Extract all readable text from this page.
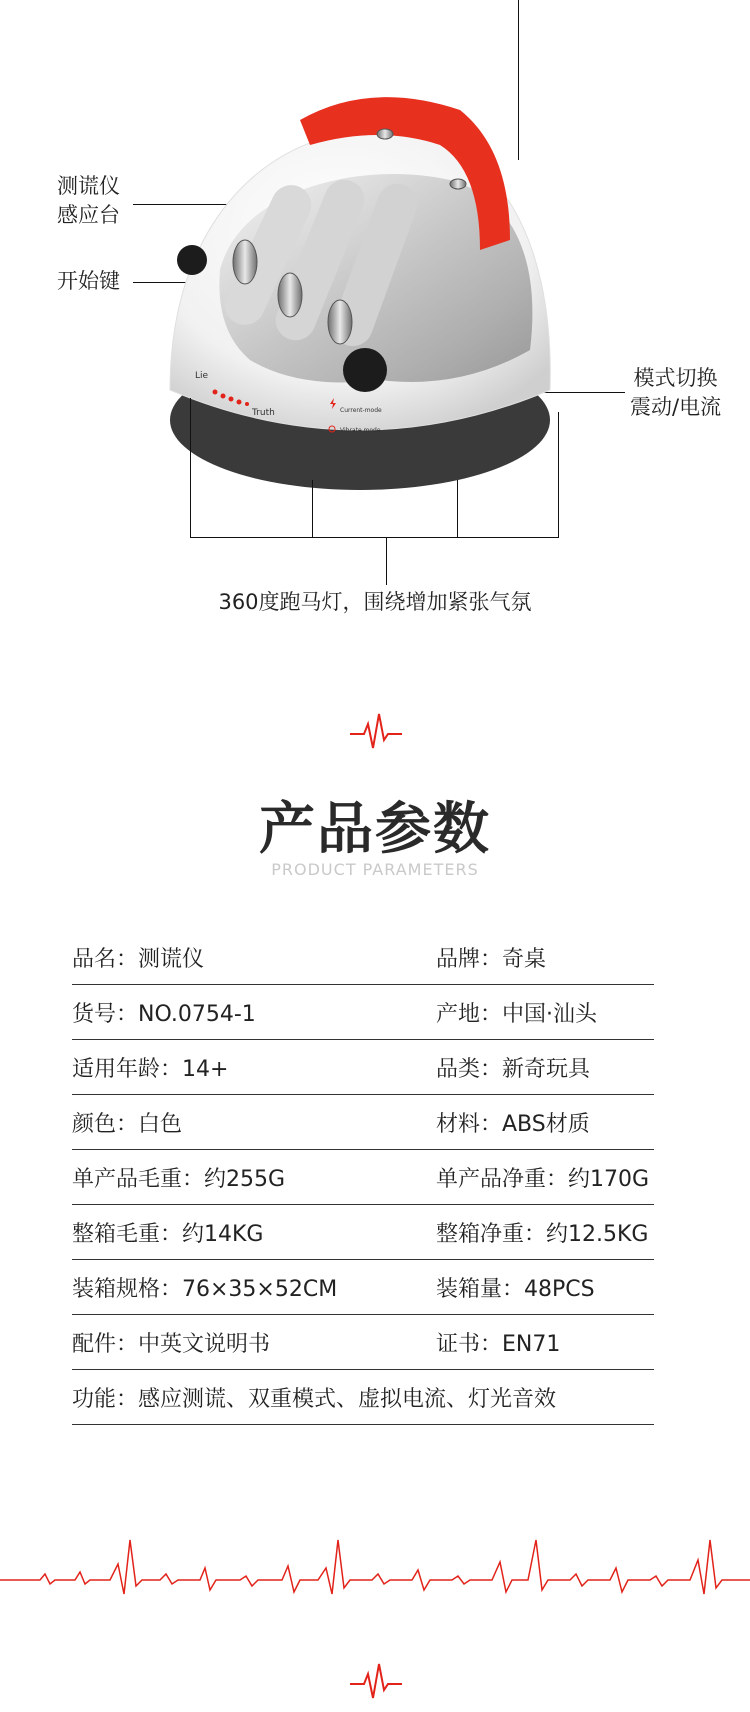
测谎仪
感应台
开始键
模式切换
震动/电流
Lie
Truth	Current-mode
Vibrate mode
360度跑马灯，围绕增加紧张气氛
产品参数
PRODUCT PARAMETERS
品名：测谎仪	品牌：奇桌
货号：NO.0754-1	产地：中国·汕头
适用年龄：14+	品类：新奇玩具
颜色：白色	材料：ABS材质
单产品毛重：约255G	单产品净重：约170G
整箱毛重：约14KG	整箱净重：约12.5KG
装箱规格：76×35×52CM	装箱量：48PCS
配件：中英文说明书	证书：EN71
功能：感应测谎、双重模式、虚拟电流、灯光音效
